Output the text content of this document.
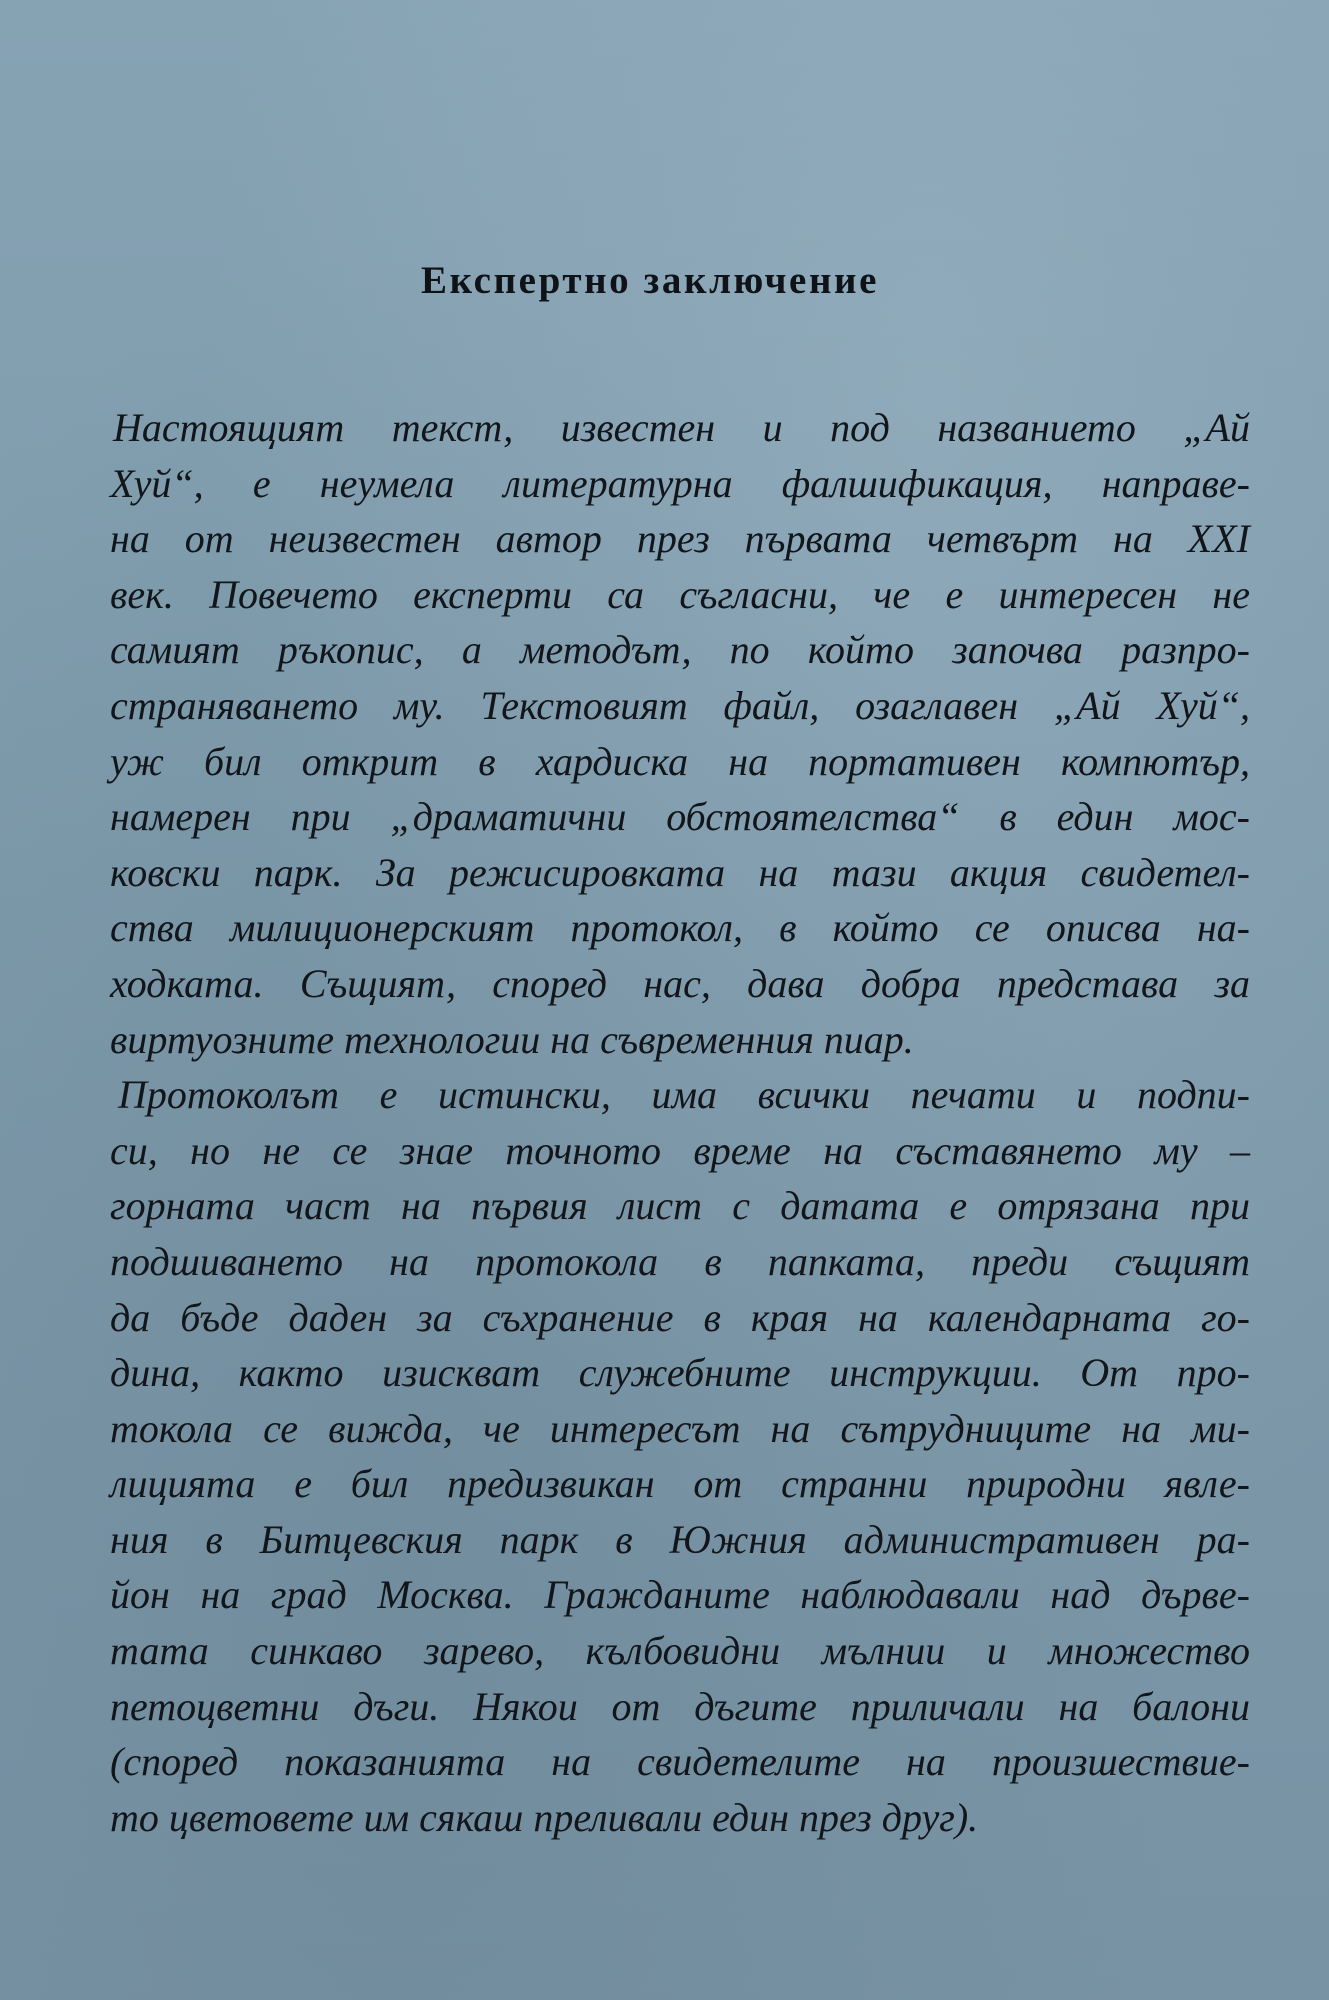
Експертно заключение
Настоящият текст, известен и под названието „Ай
Хуй“, е неумела литературна фалшификация, направе-
на от неизвестен автор през първата четвърт на XXI
век. Повечето експерти са съгласни, че е интересен не
самият ръкопис, а методът, по който започва разпро-
страняването му. Текстовият файл, озаглавен „Ай Хуй“,
уж бил открит в хардиска на портативен компютър,
намерен при „драматични обстоятелства“ в един мос-
ковски парк. За режисировката на тази акция свидетел-
ства милиционерският протокол, в който се описва на-
ходката. Същият, според нас, дава добра представа за
виртуозните технологии на съвременния пиар.
Протоколът е истински, има всички печати и подпи-
си, но не се знае точното време на съставянето му –
горната част на първия лист с датата е отрязана при
подшиването на протокола в папката, преди същият
да бъде даден за съхранение в края на календарната го-
дина, както изискват служебните инструкции. От про-
токола се вижда, че интересът на сътрудниците на ми-
лицията е бил предизвикан от странни природни явле-
ния в Битцевския парк в Южния административен ра-
йон на град Москва. Гражданите наблюдавали над дърве-
тата синкаво зарево, кълбовидни мълнии и множество
петоцветни дъги. Някои от дъгите приличали на балони
(според показанията на свидетелите на произшествие-
то цветовете им сякаш преливали един през друг).
